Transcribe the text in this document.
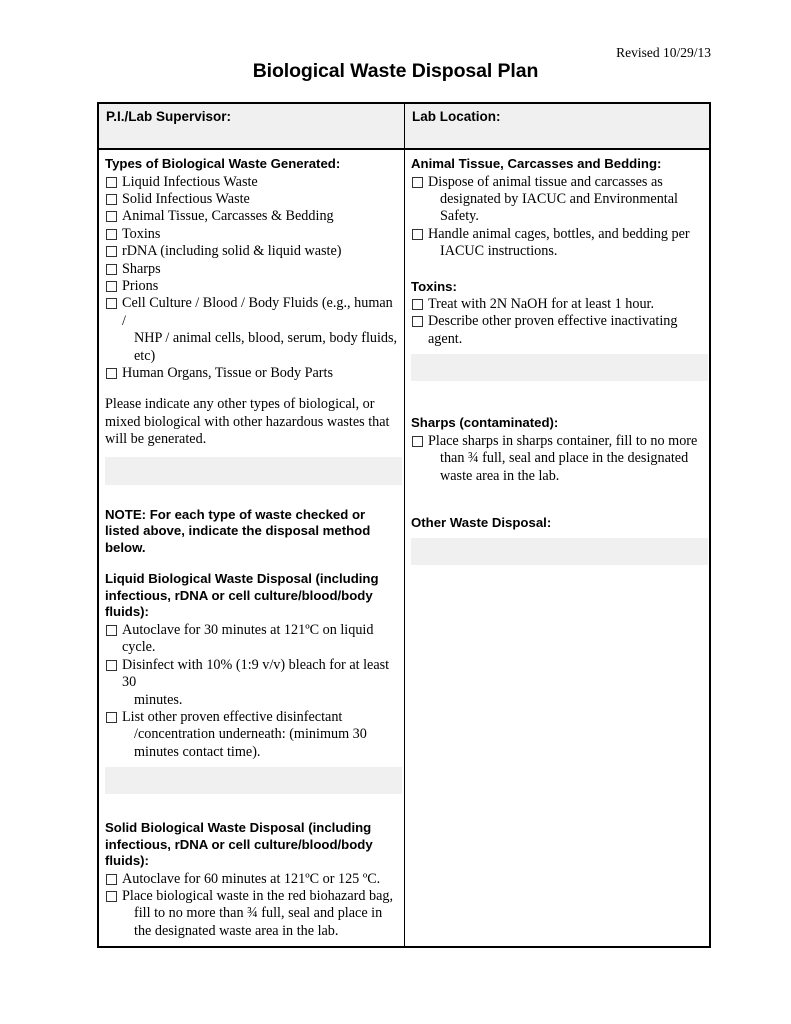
Revised 10/29/13
Biological Waste Disposal Plan
P.I./Lab Supervisor:	Lab Location:
Types of Biological Waste Generated:
Liquid Infectious Waste
Solid Infectious Waste
Animal Tissue, Carcasses & Bedding
Toxins
rDNA (including solid & liquid waste)
Sharps
Prions
Cell Culture / Blood / Body Fluids (e.g., human /
NHP / animal cells, blood, serum, body fluids, etc)
Human Organs, Tissue or Body Parts
Please indicate any other types of biological, or mixed biological with other hazardous wastes that will be generated.
NOTE: For each type of waste checked or listed above, indicate the disposal method below.
Liquid Biological Waste Disposal (including infectious, rDNA or cell culture/blood/body fluids):
Autoclave for 30 minutes at 121ºC on liquid cycle.
Disinfect with 10% (1:9 v/v) bleach for at least 30
minutes.
List other proven effective disinfectant
/concentration underneath: (minimum 30 minutes contact time).
Solid Biological Waste Disposal (including infectious, rDNA or cell culture/blood/body fluids):
Autoclave for 60 minutes at 121ºC or 125 ºC.
Place biological waste in the red biohazard bag,
fill to no more than ¾ full, seal and place in the designated waste area in the lab.
Animal Tissue, Carcasses and Bedding:
Dispose of animal tissue and carcasses as
designated by IACUC and Environmental Safety.
Handle animal cages, bottles, and bedding per
IACUC instructions.
Toxins:
Treat with 2N NaOH for at least 1 hour.
Describe other proven effective inactivating agent.
Sharps (contaminated):
Place sharps in sharps container, fill to no more
than ¾ full, seal and place in the designated waste area in the lab.
Other Waste Disposal:
